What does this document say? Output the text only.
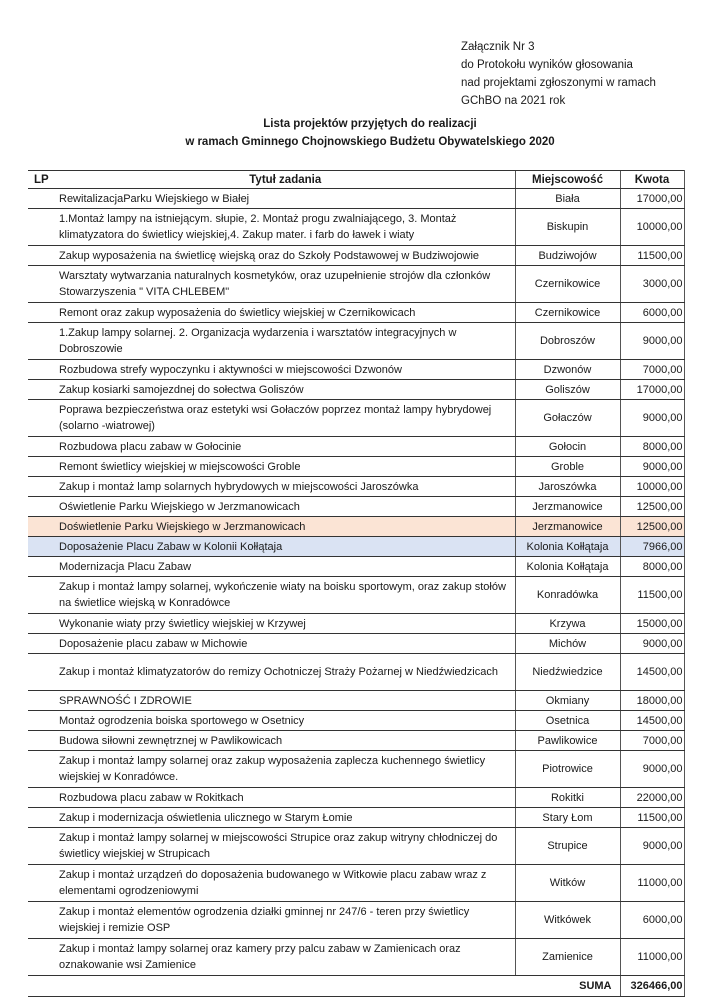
Załącznik Nr 3
do Protokołu wyników głosowania
nad projektami zgłoszonymi w ramach
GChBO na 2021 rok
Lista projektów przyjętych do realizacji
w ramach Gminnego Chojnowskiego Budżetu Obywatelskiego 2020
LP	Tytuł zadania	Miejscowość	Kwota
	RewitalizacjaParku Wiejskiego w Białej	Biała	17000,00
	1.Montaż lampy na istniejącym. słupie, 2. Montaż progu zwalniającego, 3. Montaż klimatyzatora do świetlicy wiejskiej,4. Zakup mater. i farb do ławek i wiaty	Biskupin	10000,00
	Zakup wyposażenia na świetlicę wiejską oraz do Szkoły Podstawowej w Budziwojowie	Budziwojów	11500,00
	Warsztaty wytwarzania naturalnych kosmetyków, oraz uzupełnienie strojów dla członków Stowarzyszenia " VITA CHLEBEM"	Czernikowice	3000,00
	Remont oraz zakup wyposażenia do świetlicy wiejskiej w Czernikowicach	Czernikowice	6000,00
	1.Zakup lampy solarnej. 2. Organizacja wydarzenia i warsztatów integracyjnych w Dobroszowie	Dobroszów	9000,00
	Rozbudowa strefy wypoczynku i aktywności w miejscowości Dzwonów	Dzwonów	7000,00
	Zakup kosiarki samojezdnej do sołectwa Goliszów	Goliszów	17000,00
	Poprawa bezpieczeństwa oraz estetyki wsi Gołaczów poprzez montaż lampy hybrydowej (solarno -wiatrowej)	Gołaczów	9000,00
	Rozbudowa placu zabaw w Gołocinie	Gołocin	8000,00
	Remont świetlicy wiejskiej w miejscowości Groble	Groble	9000,00
	Zakup i montaż lamp solarnych hybrydowych w miejscowości Jaroszówka	Jaroszówka	10000,00
	Oświetlenie Parku Wiejskiego w Jerzmanowicach	Jerzmanowice	12500,00
	Doświetlenie Parku Wiejskiego w Jerzmanowicach	Jerzmanowice	12500,00
	Doposażenie Placu Zabaw w Kolonii Kołłątaja	Kolonia Kołłątaja	7966,00
	Modernizacja Placu Zabaw	Kolonia Kołłątaja	8000,00
	Zakup i montaż lampy solarnej, wykończenie wiaty na boisku sportowym, oraz zakup stołów na świetlice wiejską w Konradówce	Konradówka	11500,00
	Wykonanie wiaty przy świetlicy wiejskiej w Krzywej	Krzywa	15000,00
	Doposażenie placu zabaw w Michowie	Michów	9000,00
	Zakup i montaż klimatyzatorów do remizy Ochotniczej Straży Pożarnej w Niedźwiedzicach	Niedźwiedzice	14500,00
	SPRAWNOŚĆ I ZDROWIE	Okmiany	18000,00
	Montaż ogrodzenia boiska sportowego w Osetnicy	Osetnica	14500,00
	Budowa siłowni zewnętrznej w Pawlikowicach	Pawlikowice	7000,00
	Zakup i montaż lampy solarnej oraz zakup wyposażenia zaplecza kuchennego świetlicy wiejskiej w Konradówce.	Piotrowice	9000,00
	Rozbudowa placu zabaw w Rokitkach	Rokitki	22000,00
	Zakup i modernizacja oświetlenia ulicznego w Starym Łomie	Stary Łom	11500,00
	Zakup i montaż lampy solarnej w miejscowości Strupice oraz zakup witryny chłodniczej do świetlicy wiejskiej w Strupicach	Strupice	9000,00
	Zakup i montaż urządzeń do doposażenia budowanego w Witkowie placu zabaw wraz z elementami ogrodzeniowymi	Witków	11000,00
	Zakup i montaż elementów ogrodzenia działki gminnej nr 247/6 - teren przy świetlicy wiejskiej i remizie OSP	Witkówek	6000,00
	Zakup i montaż lampy solarnej oraz kamery przy palcu zabaw w Zamienicach oraz oznakowanie wsi Zamienice	Zamienice	11000,00
SUMA			326466,00
